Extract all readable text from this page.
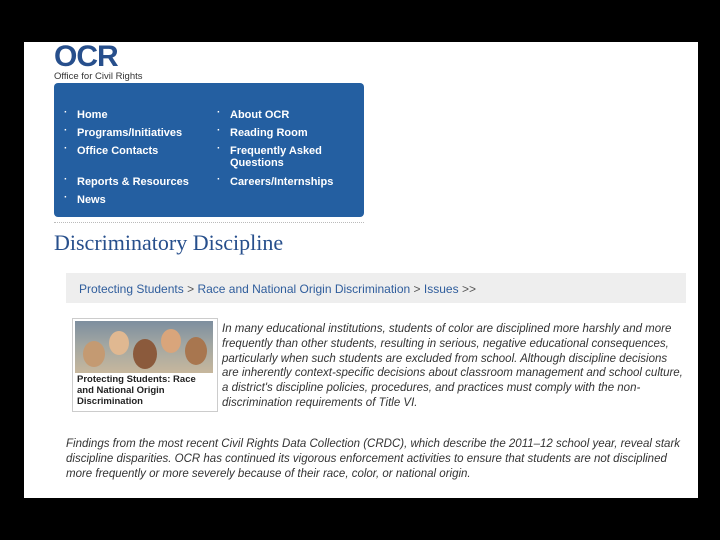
OCR
Office for Civil Rights
· Home
· Programs/Initiatives
· Office Contacts
· Reports & Resources
· News
· About OCR
· Reading Room
· Frequently Asked Questions
· Careers/Internships
Discriminatory Discipline
Protecting Students > Race and National Origin Discrimination > Issues >>
Protecting Students: Race and National Origin Discrimination
In many educational institutions, students of color are disciplined more harshly and more frequently than other students, resulting in serious, negative educational consequences, particularly when such students are excluded from school. Although discipline decisions are inherently context-specific decisions about classroom management and school culture, a district's discipline policies, procedures, and practices must comply with the non-discrimination requirements of Title VI.
Findings from the most recent Civil Rights Data Collection (CRDC), which describe the 2011–12 school year, reveal stark discipline disparities. OCR has continued its vigorous enforcement activities to ensure that students are not disciplined more frequently or more severely because of their race, color, or national origin.
